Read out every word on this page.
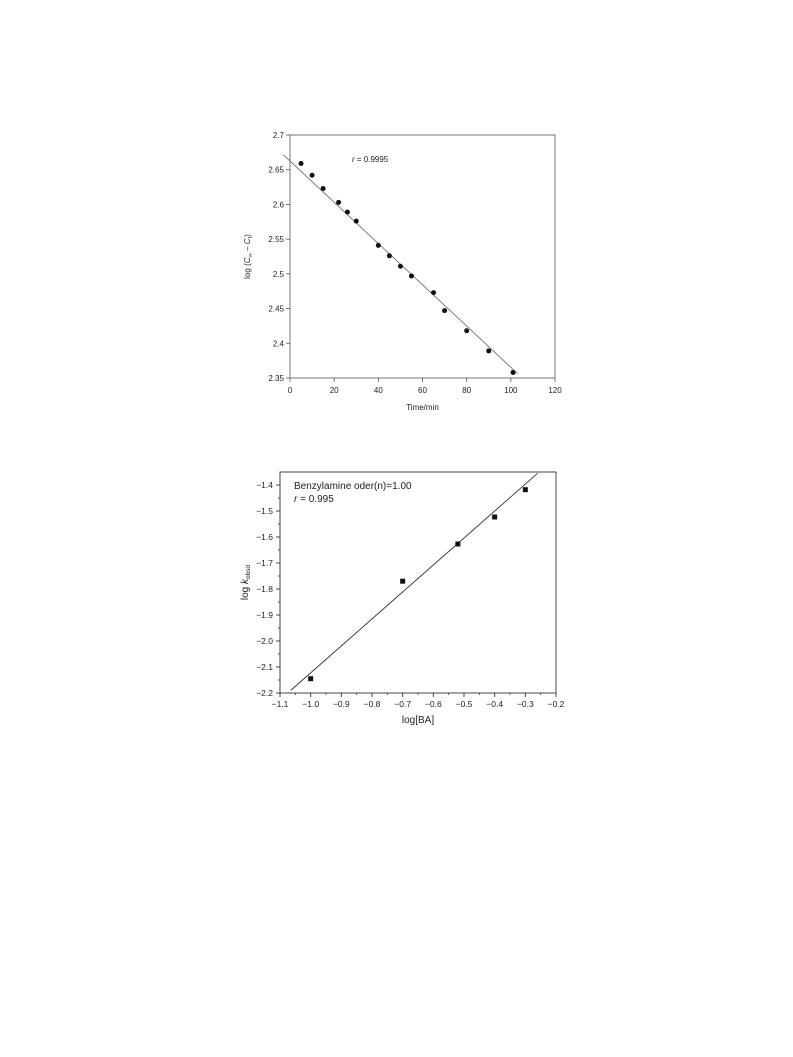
0	20	40	60	80	100	120
2.35
2.4
2.45
2.5
2.55
2.6
2.65
2.7
Time/min
$\log (C_\infty - C_t)$
r = 0.9995
−1.1 −1.0 −0.9 −0.8 −0.7 −0.6 −0.5 −0.4 −0.3 −0.2
−2.2
−2.1
−2.0
−1.9
−1.8
−1.7
−1.6
−1.5
−1.4
log[BA]
$\log k_{obsd}$
Benzylamine oder(n)=1.00
r = 0.995
